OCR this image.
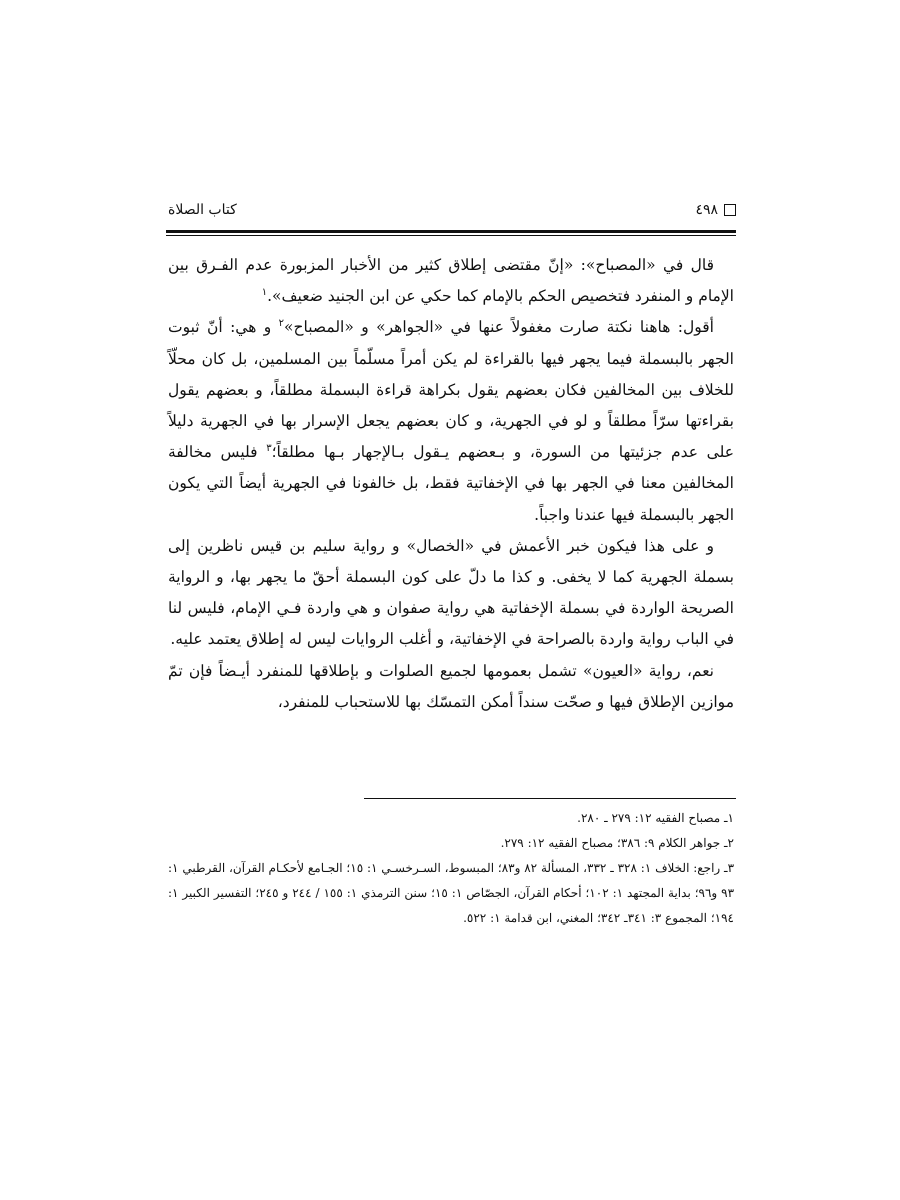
٤٩٨
كتاب الصلاة

قال في «المصباح»: «إنّ مقتضى إطلاق كثير من الأخبار المزبورة عدم الفـرق بين الإمام و المنفرد فتخصيص الحكم بالإمام كما حكي عن ابن الجنيد ضعيف».$^١$

أقول: هاهنا نكتة صارت مغفولاً عنها في «الجواهر» و «المصباح»$^٢$ و هي: أنّ ثبوت الجهر بالبسملة فيما يجهر فيها بالقراءة لم يكن أمراً مسلّماً بين المسلمين، بل كان محلّاً للخلاف بين المخالفين فكان بعضهم يقول بكراهة قراءة البسملة مطلقاً، و بعضهم يقول بقراءتها سرّاً مطلقاً و لو في الجهرية، و كان بعضهم يجعل الإسرار بها في الجهرية دليلاً على عدم جزئيتها من السورة، و بـعضهم يـقول بـالإجهار بـها مطلقاً؛$^٣$ فليس مخالفة المخالفين معنا في الجهر بها في الإخفاتية فقط، بل خالفونا في الجهرية أيضاً التي يكون الجهر بالبسملة فيها عندنا واجباً.

و على هذا فيكون خبر الأعمش في «الخصال» و رواية سليم بن قيس ناظرين إلى بسملة الجهرية كما لا يخفى. و كذا ما دلّ على كون البسملة أحقّ ما يجهر بها، و الرواية الصريحة الواردة في بسملة الإخفاتية هي رواية صفوان و هي واردة فـي الإمام، فليس لنا في الباب رواية واردة بالصراحة في الإخفاتية، و أغلب الروايات ليس له إطلاق يعتمد عليه.

نعم، رواية «العيون» تشمل بعمومها لجميع الصلوات و بإطلاقها للمنفرد أيـضاً فإن تمّ موازين الإطلاق فيها و صحّت سنداً أمكن التمسّك بها للاستحباب للمنفرد،

١ـ مصباح الفقيه ١٢: ٢٧٩ ـ ٢٨٠.

٢ـ جواهر الكلام ٩: ٣٨٦؛ مصباح الفقيه ١٢: ٢٧٩.

٣ـ راجع: الخلاف ١: ٣٢٨ ـ ٣٣٢، المسألة ٨٢ و٨٣؛ المبسوط، السـرخسـي ١: ١٥؛ الجـامع لأحكـام القرآن، القرطبي ١: ٩٣ و٩٦؛ بداية المجتهد ١: ١٠٢؛ أحكام القرآن، الجصّاص ١: ١٥؛ سنن الترمذي ١: ١٥٥ / ٢٤٤ و ٢٤٥؛ التفسير الكبير ١: ١٩٤؛ المجموع ٣: ٣٤١ـ ٣٤٢؛ المغني، ابن قدامة ١: ٥٢٢.
